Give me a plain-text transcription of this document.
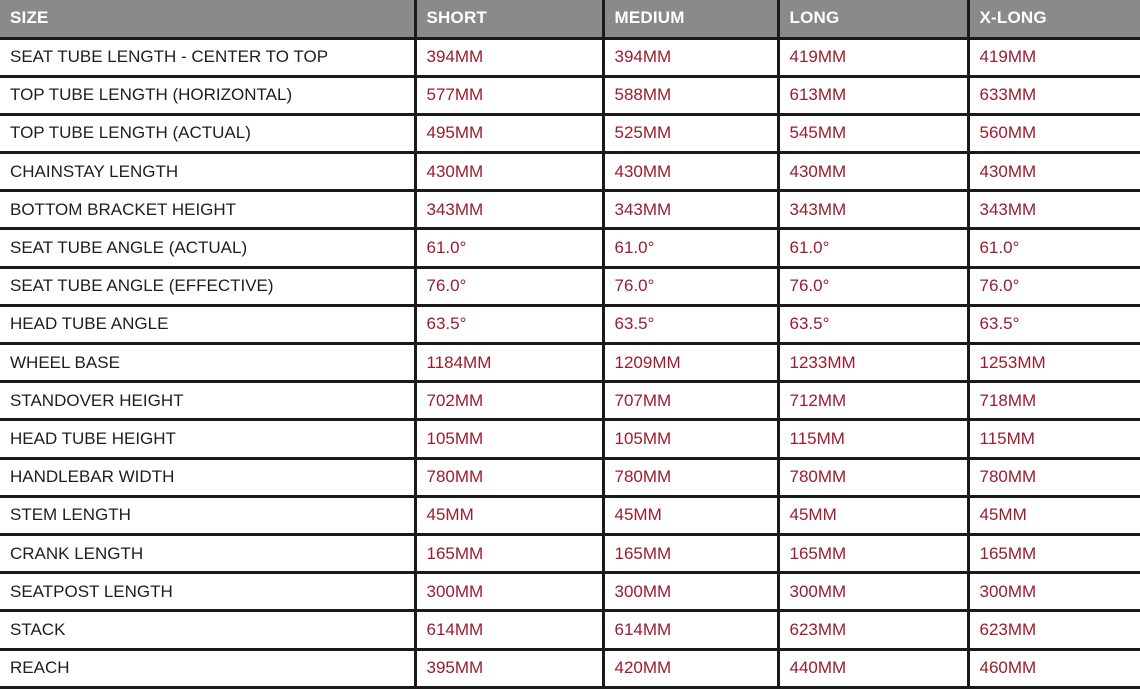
SIZE	SHORT	MEDIUM	LONG	X-LONG
SEAT TUBE LENGTH - CENTER TO TOP	394MM	394MM	419MM	419MM
TOP TUBE LENGTH (HORIZONTAL)	577MM	588MM	613MM	633MM
TOP TUBE LENGTH (ACTUAL)	495MM	525MM	545MM	560MM
CHAINSTAY LENGTH	430MM	430MM	430MM	430MM
BOTTOM BRACKET HEIGHT	343MM	343MM	343MM	343MM
SEAT TUBE ANGLE (ACTUAL)	61.0°	61.0°	61.0°	61.0°
SEAT TUBE ANGLE (EFFECTIVE)	76.0°	76.0°	76.0°	76.0°
HEAD TUBE ANGLE	63.5°	63.5°	63.5°	63.5°
WHEEL BASE	1184MM	1209MM	1233MM	1253MM
STANDOVER HEIGHT	702MM	707MM	712MM	718MM
HEAD TUBE HEIGHT	105MM	105MM	115MM	115MM
HANDLEBAR WIDTH	780MM	780MM	780MM	780MM
STEM LENGTH	45MM	45MM	45MM	45MM
CRANK LENGTH	165MM	165MM	165MM	165MM
SEATPOST LENGTH	300MM	300MM	300MM	300MM
STACK	614MM	614MM	623MM	623MM
REACH	395MM	420MM	440MM	460MM
